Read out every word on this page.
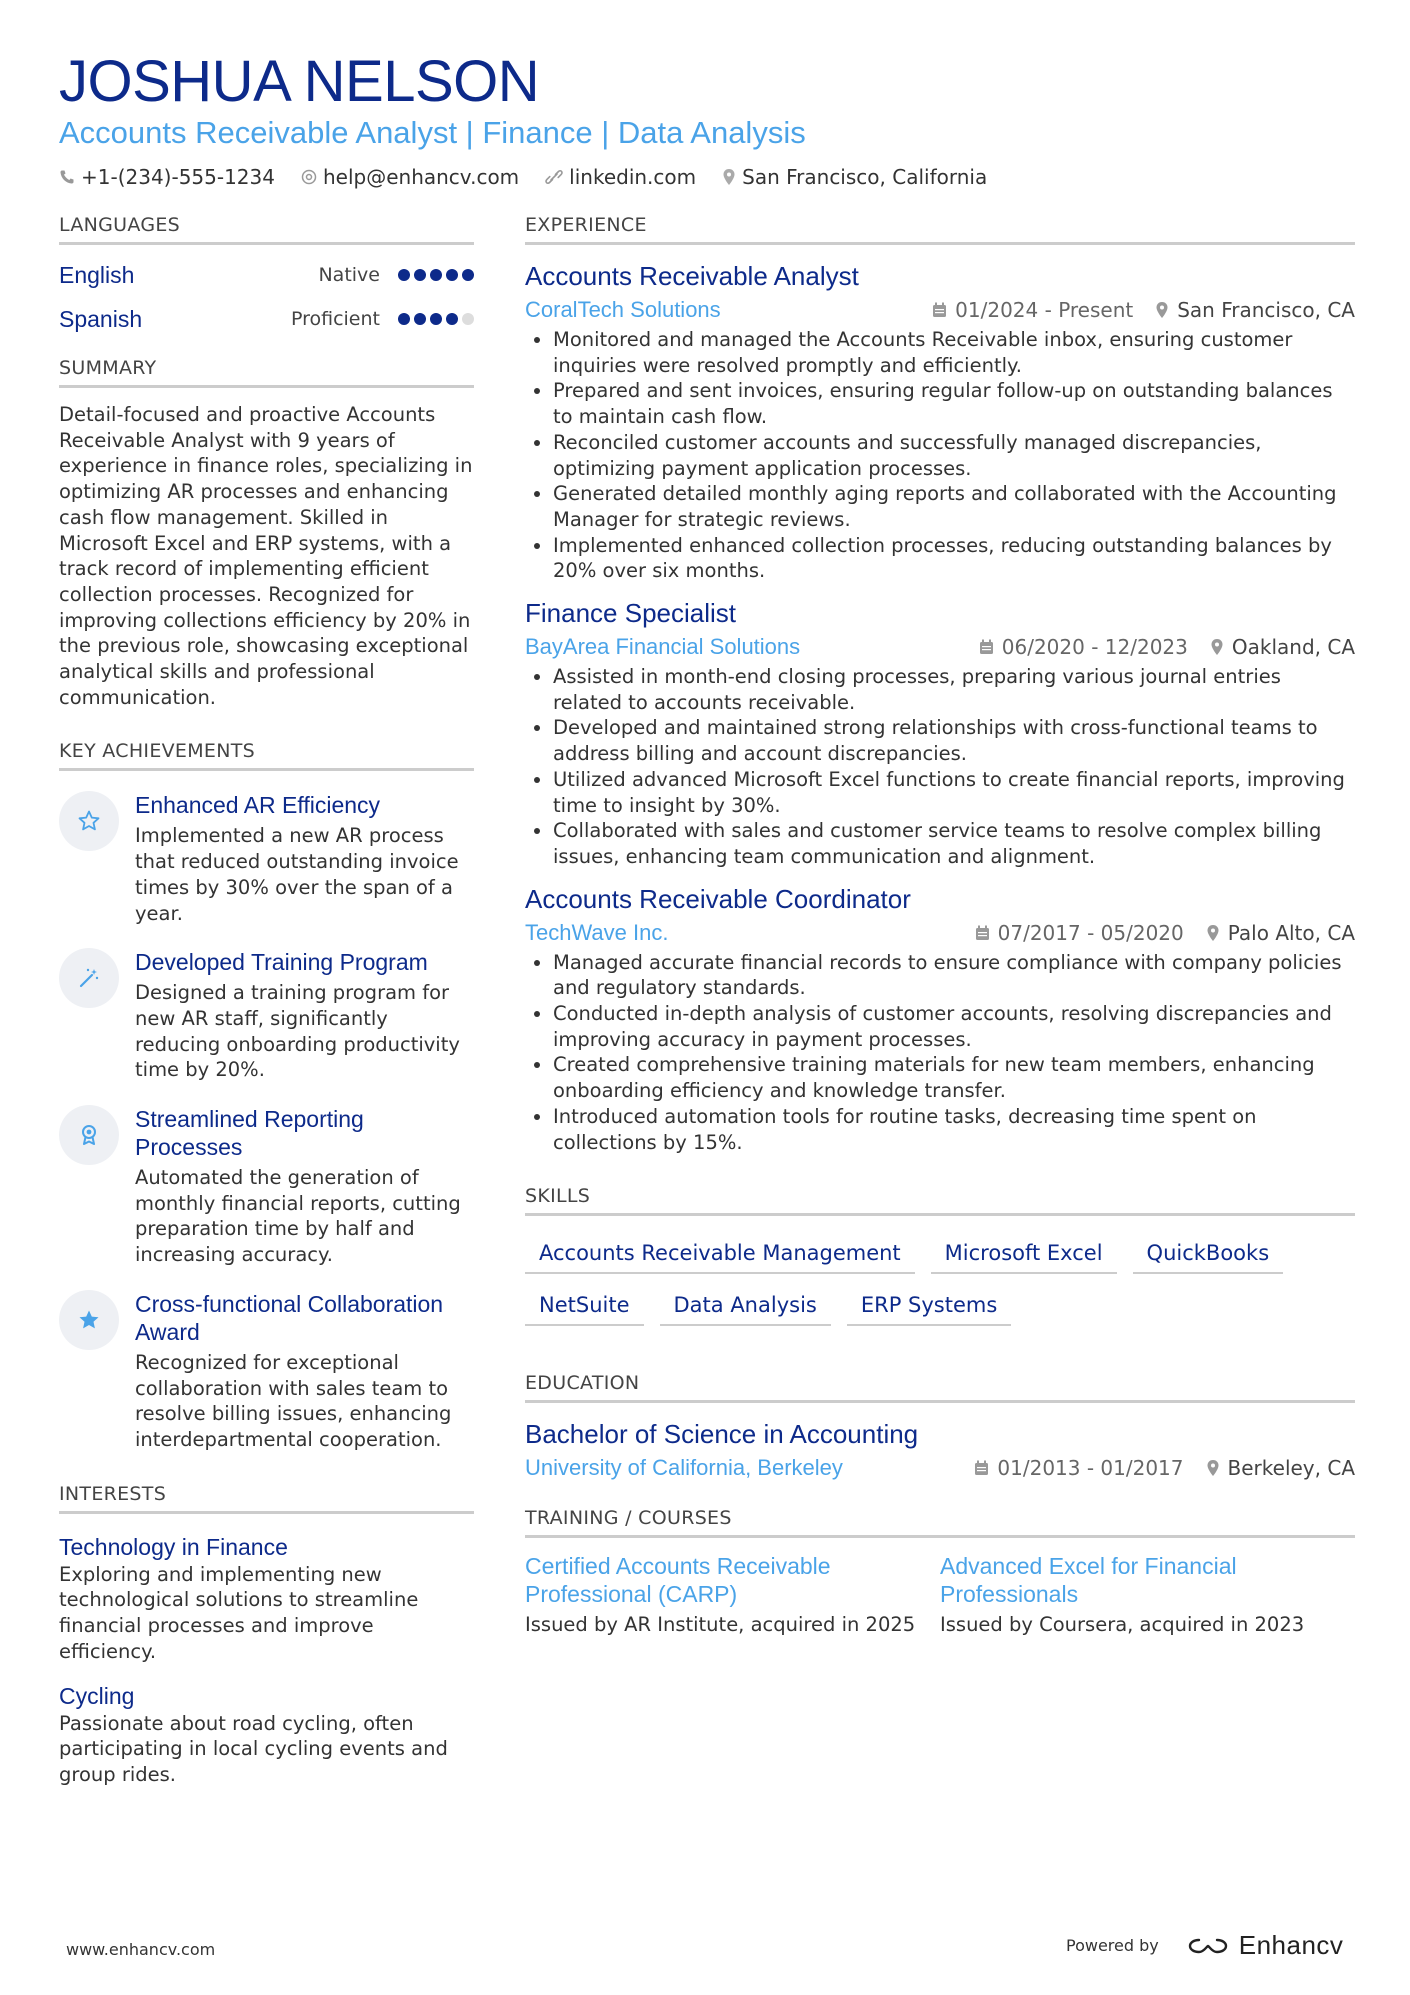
JOSHUA NELSON
Accounts Receivable Analyst | Finance | Data Analysis
+1-(234)-555-1234 help@enhancv.com	linkedin.com San Francisco, California
LANGUAGES
English	Native
Spanish	Proficient
SUMMARY
Detail-focused and proactive Accounts Receivable Analyst with 9 years of experience in finance roles, specializing in optimizing AR processes and enhancing cash flow management. Skilled in Microsoft Excel and ERP systems, with a track record of implementing efficient collection processes. Recognized for improving collections efficiency by 20% in the previous role, showcasing exceptional analytical skills and professional communication.
KEY ACHIEVEMENTS
Enhanced AR Efficiency
Implemented a new AR process that reduced outstanding invoice times by 30% over the span of a year.
Developed Training Program
Designed a training program for new AR staff, significantly reducing onboarding productivity time by 20%.
Streamlined Reporting Processes
Automated the generation of monthly financial reports, cutting preparation time by half and increasing accuracy.
Cross-functional Collaboration Award
Recognized for exceptional collaboration with sales team to resolve billing issues, enhancing interdepartmental cooperation.
INTERESTS
Technology in Finance
Exploring and implementing new technological solutions to streamline financial processes and improve efficiency.
Cycling
Passionate about road cycling, often participating in local cycling events and group rides.
EXPERIENCE
Accounts Receivable Analyst
CoralTech Solutions	01/2024 - Present San Francisco, CA
• Monitored and managed the Accounts Receivable inbox, ensuring customer inquiries were resolved promptly and efficiently.
• Prepared and sent invoices, ensuring regular follow-up on outstanding balances to maintain cash flow.
• Reconciled customer accounts and successfully managed discrepancies, optimizing payment application processes.
• Generated detailed monthly aging reports and collaborated with the Accounting Manager for strategic reviews.
• Implemented enhanced collection processes, reducing outstanding balances by 20% over six months.
Finance Specialist
BayArea Financial Solutions	06/2020 - 12/2023 Oakland, CA
• Assisted in month-end closing processes, preparing various journal entries related to accounts receivable.
• Developed and maintained strong relationships with cross-functional teams to address billing and account discrepancies.
• Utilized advanced Microsoft Excel functions to create financial reports, improving time to insight by 30%.
• Collaborated with sales and customer service teams to resolve complex billing issues, enhancing team communication and alignment.
Accounts Receivable Coordinator
TechWave Inc.	07/2017 - 05/2020 Palo Alto, CA
• Managed accurate financial records to ensure compliance with company policies and regulatory standards.
• Conducted in-depth analysis of customer accounts, resolving discrepancies and improving accuracy in payment processes.
• Created comprehensive training materials for new team members, enhancing onboarding efficiency and knowledge transfer.
• Introduced automation tools for routine tasks, decreasing time spent on collections by 15%.
SKILLS
Accounts Receivable Management	Microsoft Excel	QuickBooks
NetSuite	Data Analysis	ERP Systems
EDUCATION
Bachelor of Science in Accounting
University of California, Berkeley	01/2013 - 01/2017 Berkeley, CA
TRAINING / COURSES
Certified Accounts Receivable Professional (CARP)
Issued by AR Institute, acquired in 2025
Advanced Excel for Financial Professionals
Issued by Coursera, acquired in 2023
www.enhancv.com	Powered by	Enhancv
